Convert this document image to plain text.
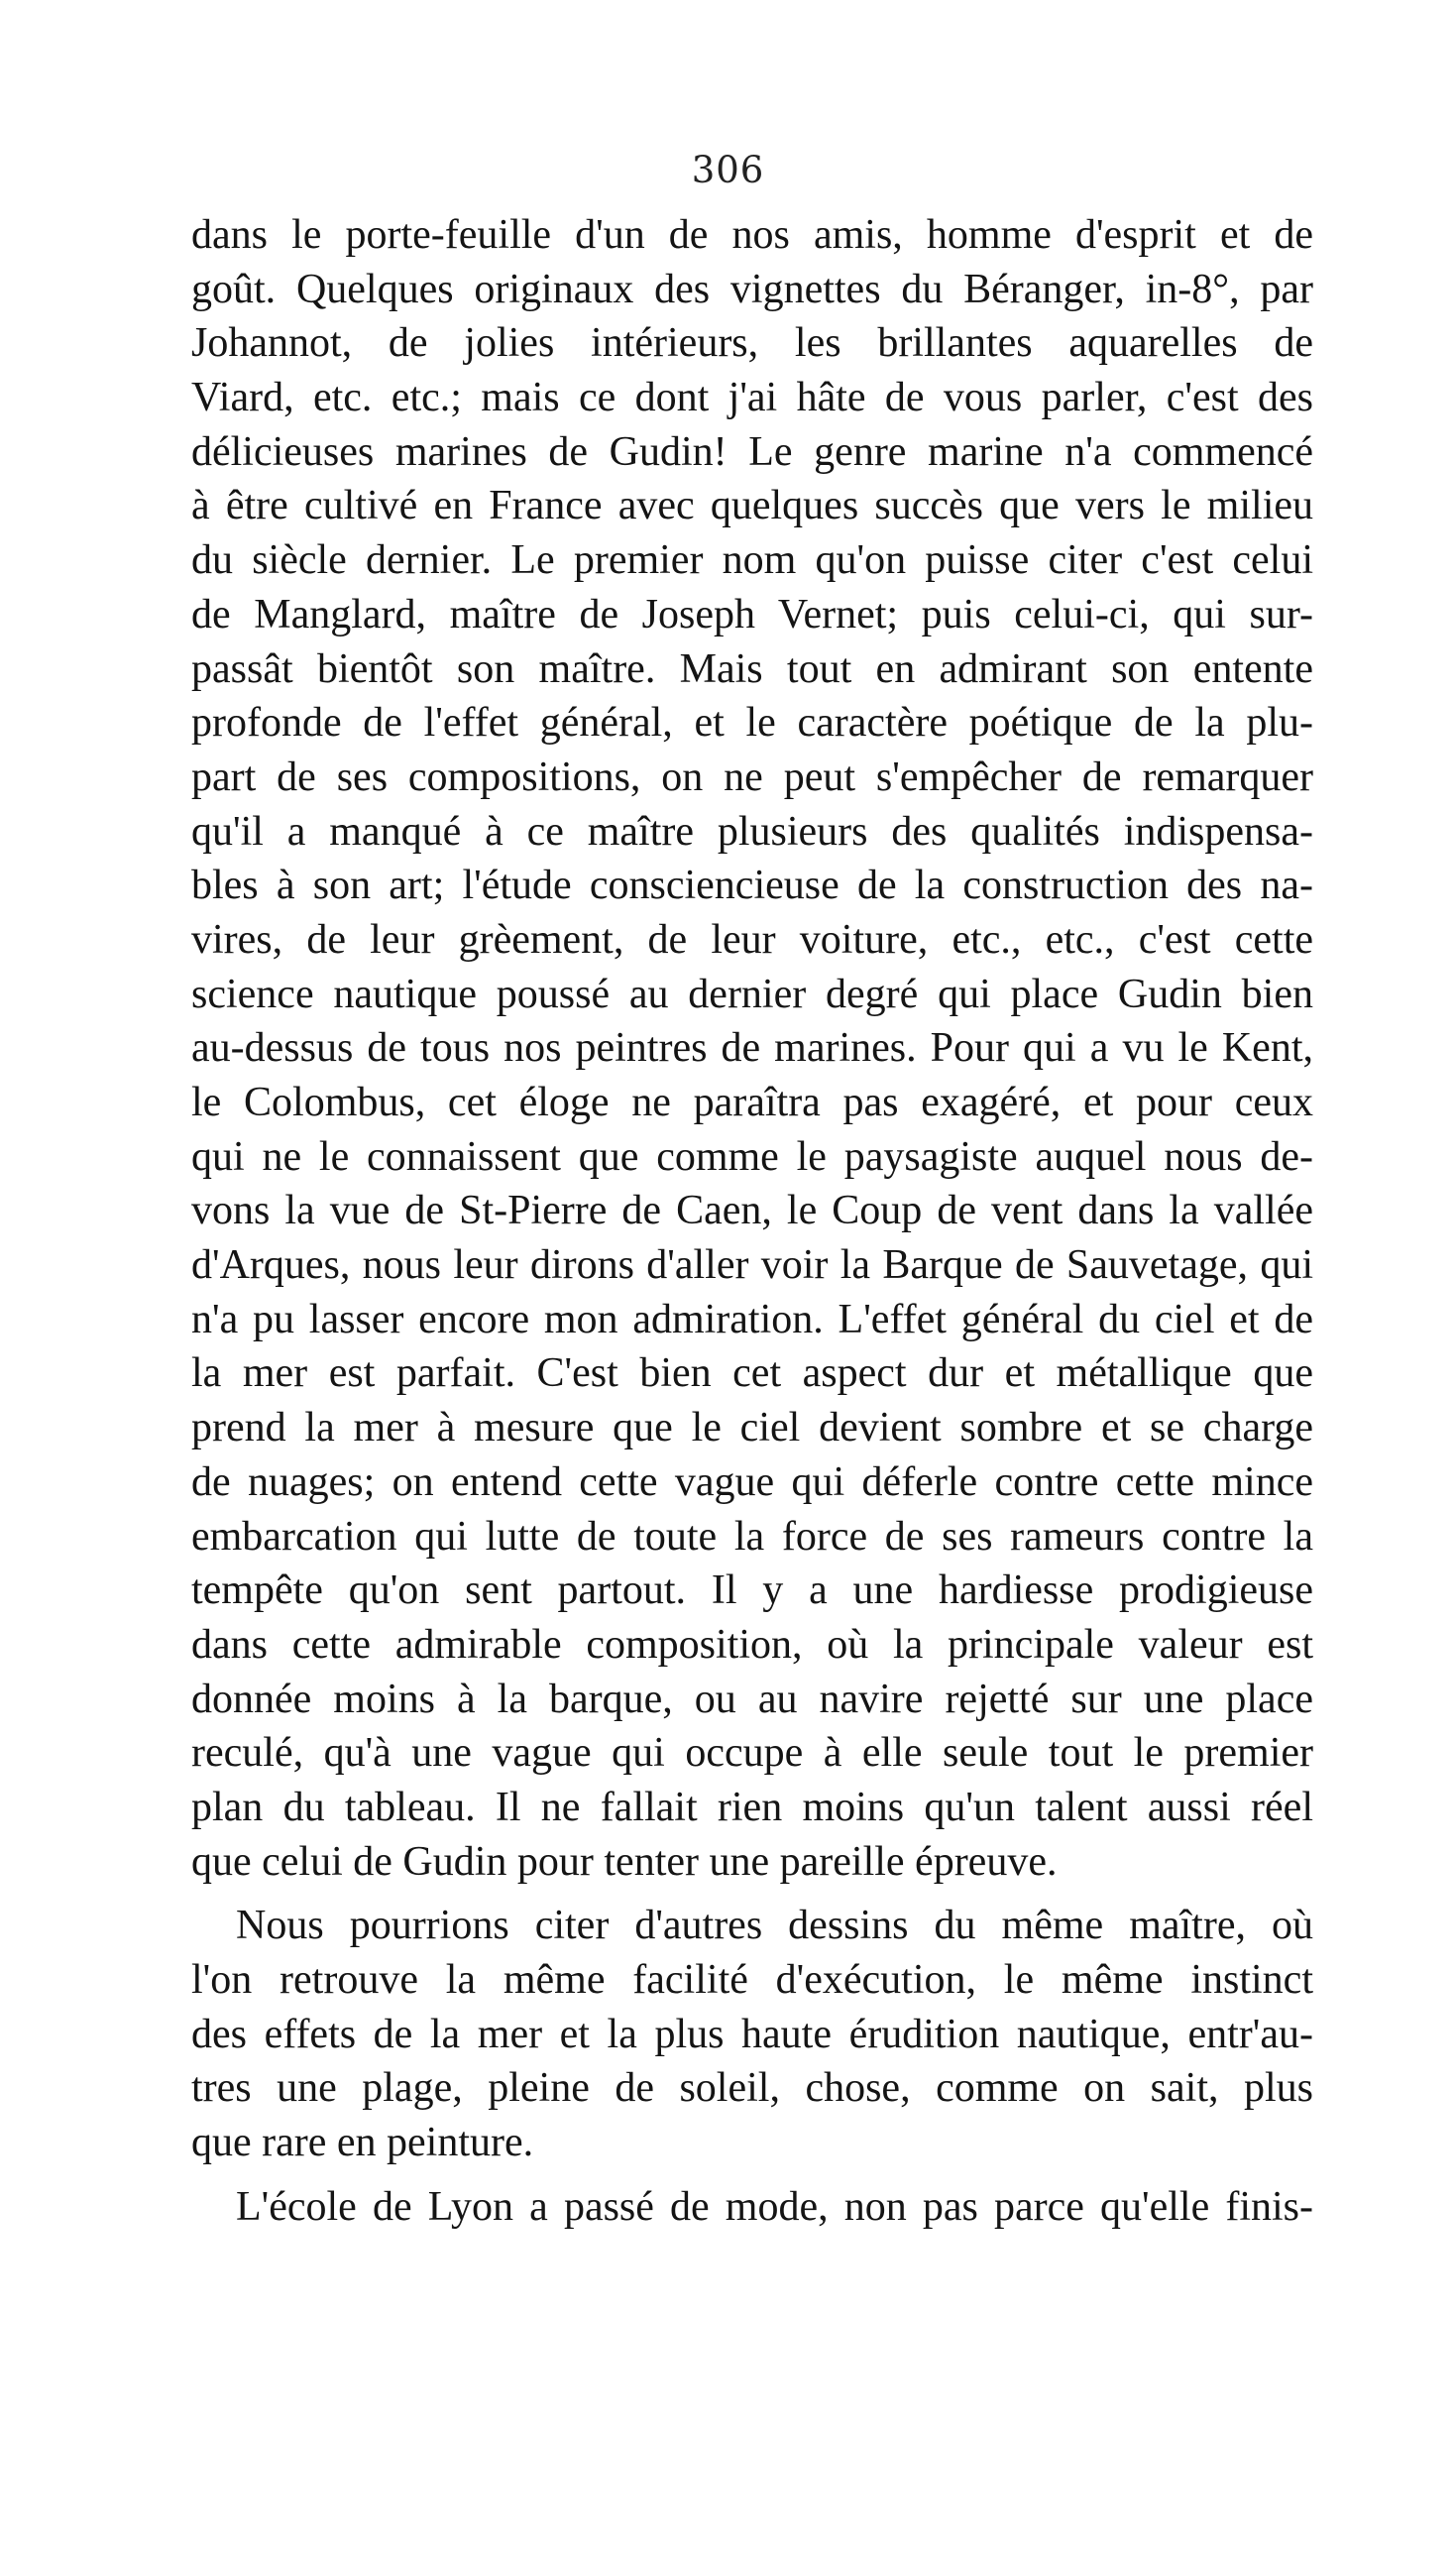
306
dans le porte-feuille d'un de nos amis, homme d'esprit et de
goût. Quelques originaux des vignettes du Béranger, in-8°, par
Johannot, de jolies intérieurs, les brillantes aquarelles de
Viard, etc. etc.; mais ce dont j'ai hâte de vous parler, c'est des
délicieuses marines de Gudin! Le genre marine n'a commencé
à être cultivé en France avec quelques succès que vers le milieu
du siècle dernier. Le premier nom qu'on puisse citer c'est celui
de Manglard, maître de Joseph Vernet; puis celui-ci, qui sur-
passât bientôt son maître. Mais tout en admirant son entente
profonde de l'effet général, et le caractère poétique de la plu-
part de ses compositions, on ne peut s'empêcher de remarquer
qu'il a manqué à ce maître plusieurs des qualités indispensa-
bles à son art; l'étude consciencieuse de la construction des na-
vires, de leur grèement, de leur voiture, etc., etc., c'est cette
science nautique poussé au dernier degré qui place Gudin bien
au-dessus de tous nos peintres de marines. Pour qui a vu le Kent,
le Colombus, cet éloge ne paraîtra pas exagéré, et pour ceux
qui ne le connaissent que comme le paysagiste auquel nous de-
vons la vue de St-Pierre de Caen, le Coup de vent dans la vallée
d'Arques, nous leur dirons d'aller voir la Barque de Sauvetage, qui
n'a pu lasser encore mon admiration. L'effet général du ciel et de
la mer est parfait. C'est bien cet aspect dur et métallique que
prend la mer à mesure que le ciel devient sombre et se charge
de nuages; on entend cette vague qui déferle contre cette mince
embarcation qui lutte de toute la force de ses rameurs contre la
tempête qu'on sent partout. Il y a une hardiesse prodigieuse
dans cette admirable composition, où la principale valeur est
donnée moins à la barque, ou au navire rejetté sur une place
reculé, qu'à une vague qui occupe à elle seule tout le premier
plan du tableau. Il ne fallait rien moins qu'un talent aussi réel
que celui de Gudin pour tenter une pareille épreuve.
Nous pourrions citer d'autres dessins du même maître, où
l'on retrouve la même facilité d'exécution, le même instinct
des effets de la mer et la plus haute érudition nautique, entr'au-
tres une plage, pleine de soleil, chose, comme on sait, plus
que rare en peinture.
L'école de Lyon a passé de mode, non pas parce qu'elle finis-
